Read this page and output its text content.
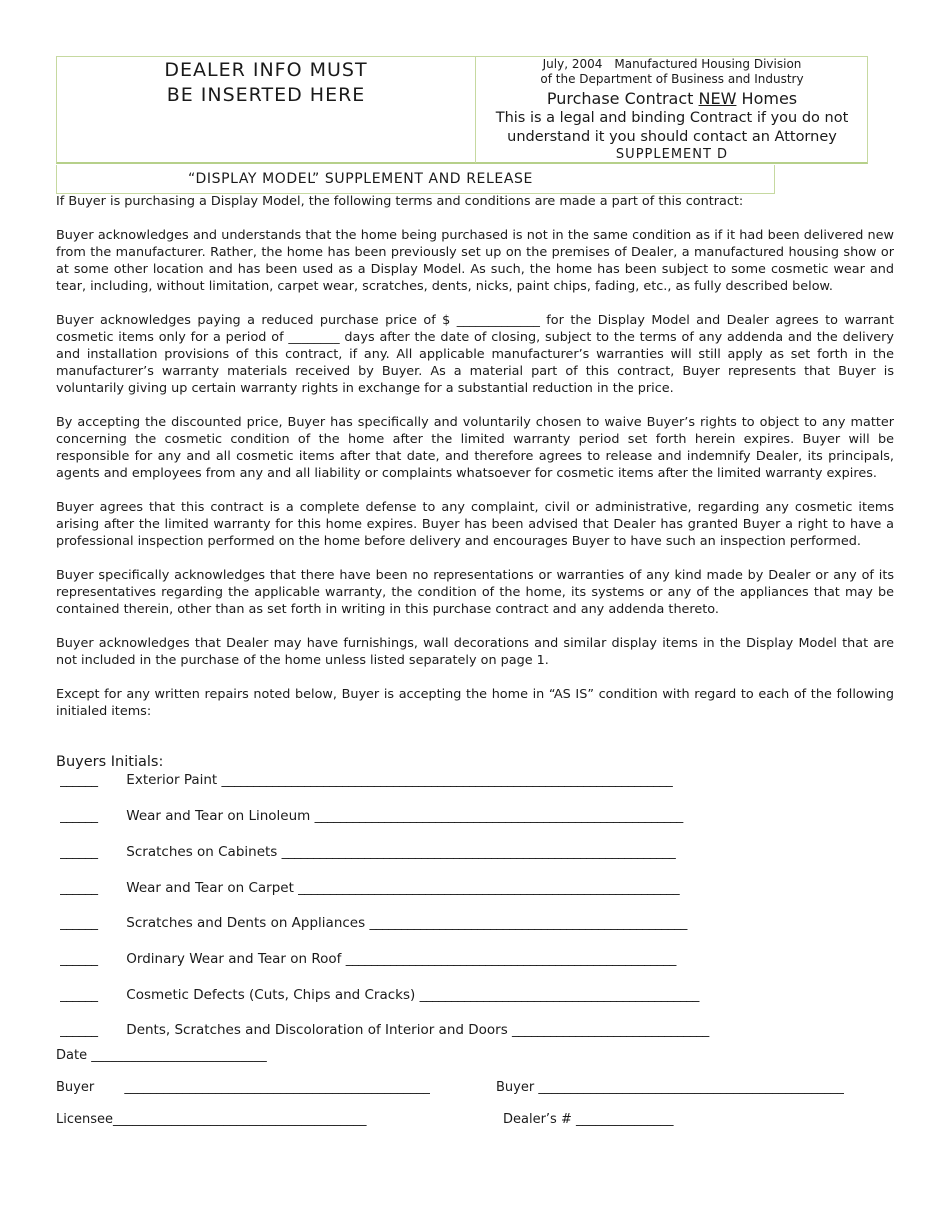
DEALER INFO MUST
BE INSERTED HERE
July, 2004 Manufactured Housing Division
of the Department of Business and Industry
Purchase Contract NEW Homes
This is a legal and binding Contract if you do not
understand it you should contact an Attorney
SUPPLEMENT D
“DISPLAY MODEL” SUPPLEMENT AND RELEASE

If Buyer is purchasing a Display Model, the following terms and conditions are made a part of this contract:

Buyer acknowledges and understands that the home being purchased is not in the same condition as if it had been delivered new from the manufacturer. Rather, the home has been previously set up on the premises of Dealer, a manufactured housing show or at some other location and has been used as a Display Model. As such, the home has been subject to some cosmetic wear and tear, including, without limitation, carpet wear, scratches, dents, nicks, paint chips, fading, etc., as fully described below.

Buyer acknowledges paying a reduced purchase price of $ _____________ for the Display Model and Dealer agrees to warrant cosmetic items only for a period of ________ days after the date of closing, subject to the terms of any addenda and the delivery and installation provisions of this contract, if any. All applicable manufacturer’s warranties will still apply as set forth in the manufacturer’s warranty materials received by Buyer. As a material part of this contract, Buyer represents that Buyer is voluntarily giving up certain warranty rights in exchange for a substantial reduction in the price.

By accepting the discounted price, Buyer has specifically and voluntarily chosen to waive Buyer’s rights to object to any matter concerning the cosmetic condition of the home after the limited warranty period set forth herein expires. Buyer will be responsible for any and all cosmetic items after that date, and therefore agrees to release and indemnify Dealer, its principals, agents and employees from any and all liability or complaints whatsoever for cosmetic items after the limited warranty expires.

Buyer agrees that this contract is a complete defense to any complaint, civil or administrative, regarding any cosmetic items arising after the limited warranty for this home expires. Buyer has been advised that Dealer has granted Buyer a right to have a professional inspection performed on the home before delivery and encourages Buyer to have such an inspection performed.

Buyer specifically acknowledges that there have been no representations or warranties of any kind made by Dealer or any of its representatives regarding the applicable warranty, the condition of the home, its systems or any of the appliances that may be contained therein, other than as set forth in writing in this purchase contract and any addenda thereto.

Buyer acknowledges that Dealer may have furnishings, wall decorations and similar display items in the Display Model that are not included in the purchase of the home unless listed separately on page 1.

Except for any written repairs noted below, Buyer is accepting the home in “AS IS” condition with regard to each of the following initialed items:

Buyers Initials:
______ Exterior Paint _______________________________________________________________________
______ Wear and Tear on Linoleum __________________________________________________________
______ Scratches on Cabinets ______________________________________________________________
______ Wear and Tear on Carpet ____________________________________________________________
______ Scratches and Dents on Appliances __________________________________________________
______ Ordinary Wear and Tear on Roof ____________________________________________________
______ Cosmetic Defects (Cuts, Chips and Cracks) ____________________________________________
______ Dents, Scratches and Discoloration of Interior and Doors _______________________________
Date ___________________________
Buyer _______________________________________________	Buyer _______________________________________________
Licensee_______________________________________	Dealer’s # _______________
